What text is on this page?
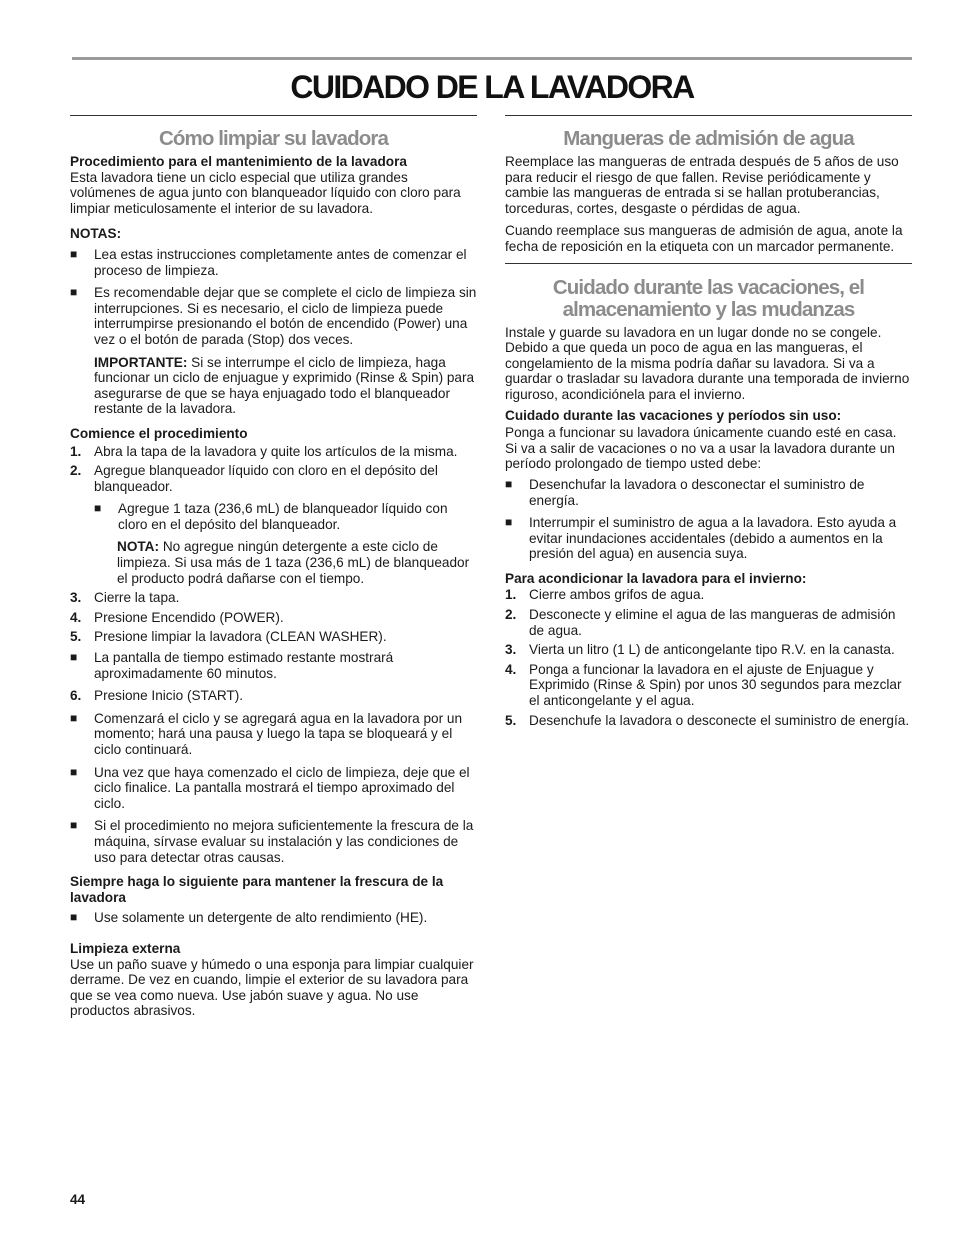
CUIDADO DE LA LAVADORA
Cómo limpiar su lavadora
Procedimiento para el mantenimiento de la lavadora

Esta lavadora tiene un ciclo especial que utiliza grandes volúmenes de agua junto con blanqueador líquido con cloro para limpiar meticulosamente el interior de su lavadora.

NOTAS:
■	Lea estas instrucciones completamente antes de comenzar el proceso de limpieza.
■	Es recomendable dejar que se complete el ciclo de limpieza sin interrupciones. Si es necesario, el ciclo de limpieza puede interrumpirse presionando el botón de encendido (Power) una vez o el botón de parada (Stop) dos veces.

IMPORTANTE: Si se interrumpe el ciclo de limpieza, haga funcionar un ciclo de enjuague y exprimido (Rinse & Spin) para asegurarse de que se haya enjuagado todo el blanqueador restante de la lavadora.

Comience el procedimiento
1. Abra la tapa de la lavadora y quite los artículos de la misma.
2. Agregue blanqueador líquido con cloro en el depósito del blanqueador.
■	Agregue 1 taza (236,6 mL) de blanqueador líquido con cloro en el depósito del blanqueador.

NOTA: No agregue ningún detergente a este ciclo de limpieza. Si usa más de 1 taza (236,6 mL) de blanqueador el producto podrá dañarse con el tiempo.

3. Cierre la tapa.
4. Presione Encendido (POWER).
5. Presione limpiar la lavadora (CLEAN WASHER).
■	La pantalla de tiempo estimado restante mostrará aproximadamente 60 minutos.
6. Presione Inicio (START).
■	Comenzará el ciclo y se agregará agua en la lavadora por un momento; hará una pausa y luego la tapa se bloqueará y el ciclo continuará.
■	Una vez que haya comenzado el ciclo de limpieza, deje que el ciclo finalice. La pantalla mostrará el tiempo aproximado del ciclo.
■	Si el procedimiento no mejora suficientemente la frescura de la máquina, sírvase evaluar su instalación y las condiciones de uso para detectar otras causas.
Siempre haga lo siguiente para mantener la frescura de la lavadora
■	Use solamente un detergente de alto rendimiento (HE).
Limpieza externa

Use un paño suave y húmedo o una esponja para limpiar cualquier derrame. De vez en cuando, limpie el exterior de su lavadora para que se vea como nueva. Use jabón suave y agua. No use productos abrasivos.

Mangueras de admisión de agua

Reemplace las mangueras de entrada después de 5 años de uso para reducir el riesgo de que fallen. Revise periódicamente y cambie las mangueras de entrada si se hallan protuberancias, torceduras, cortes, desgaste o pérdidas de agua.

Cuando reemplace sus mangueras de admisión de agua, anote la fecha de reposición en la etiqueta con un marcador permanente.

Cuidado durante las vacaciones, el
almacenamiento y las mudanzas

Instale y guarde su lavadora en un lugar donde no se congele. Debido a que queda un poco de agua en las mangueras, el congelamiento de la misma podría dañar su lavadora. Si va a guardar o trasladar su lavadora durante una temporada de invierno riguroso, acondiciónela para el invierno.

Cuidado durante las vacaciones y períodos sin uso:

Ponga a funcionar su lavadora únicamente cuando esté en casa. Si va a salir de vacaciones o no va a usar la lavadora durante un período prolongado de tiempo usted debe:

■	Desenchufar la lavadora o desconectar el suministro de energía.
■	Interrumpir el suministro de agua a la lavadora. Esto ayuda a evitar inundaciones accidentales (debido a aumentos en la presión del agua) en ausencia suya.
Para acondicionar la lavadora para el invierno:
1. Cierre ambos grifos de agua.
2. Desconecte y elimine el agua de las mangueras de admisión de agua.
3. Vierta un litro (1 L) de anticongelante tipo R.V. en la canasta.
4. Ponga a funcionar la lavadora en el ajuste de Enjuague y Exprimido (Rinse & Spin) por unos 30 segundos para mezclar el anticongelante y el agua.
5. Desenchufe la lavadora o desconecte el suministro de energía.
44
